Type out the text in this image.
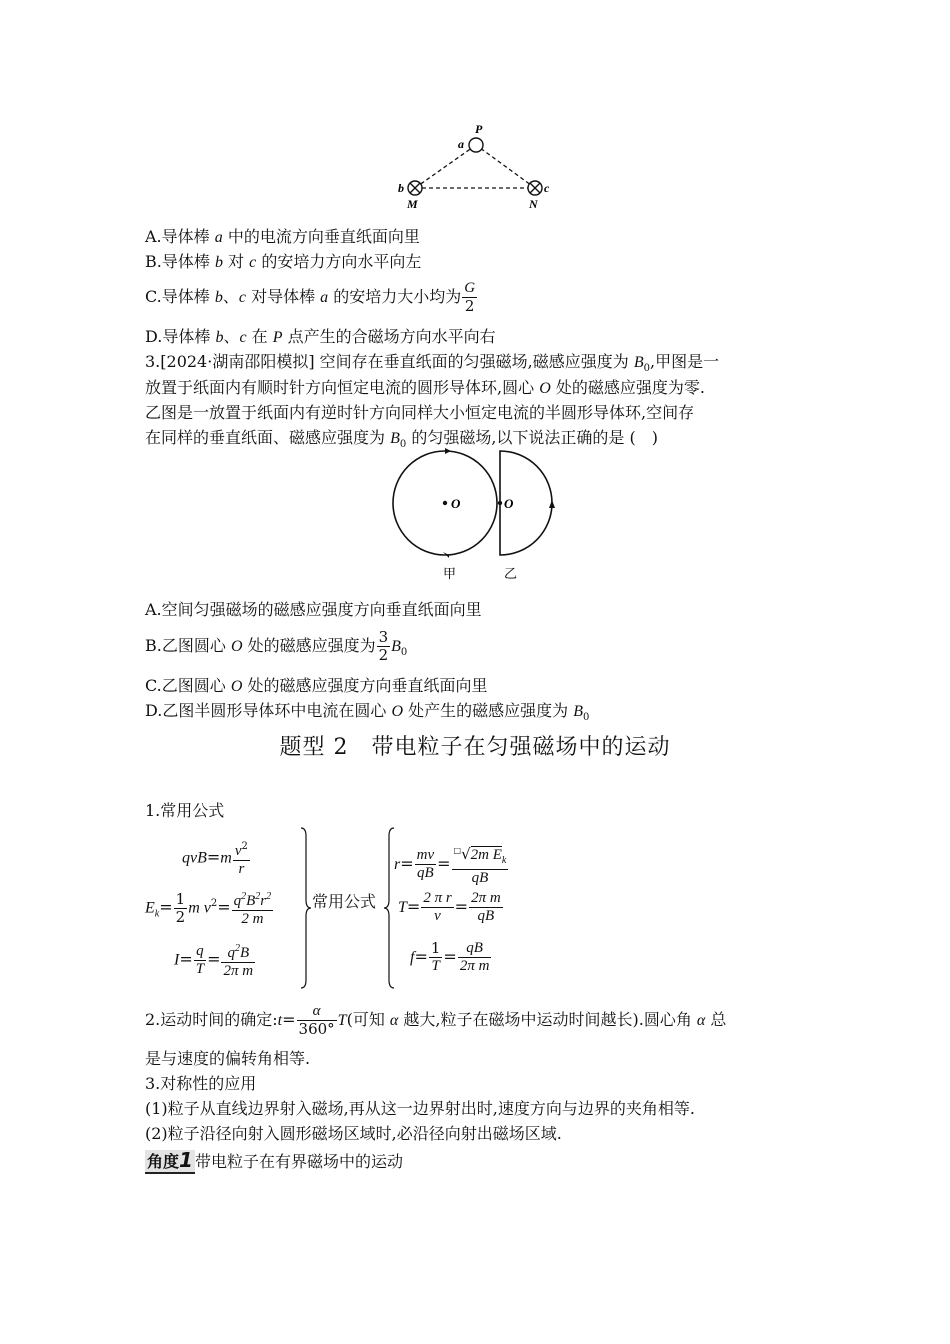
P
a
b	c
M	N
A.导体棒 a 中的电流方向垂直纸面向里
B.导体棒 b 对 c 的安培力方向水平向左
C.导体棒 b、c 对导体棒 a 的安培力大小均为 $\frac{G}{2}$
D.导体棒 b、c 在 P 点产生的合磁场方向水平向右
3.[2024·湖南邵阳模拟] 空间存在垂直纸面的匀强磁场,磁感应强度为 $B_0$,甲图是一
放置于纸面内有顺时针方向恒定电流的圆形导体环,圆心 O 处的磁感应强度为零.
乙图是一放置于纸面内有逆时针方向同样大小恒定电流的半圆形导体环,空间存
在同样的垂直纸面、磁感应强度为 $B_0$ 的匀强磁场,以下说法正确的是 (　)
O	O
甲	乙
A.空间匀强磁场的磁感应强度方向垂直纸面向里
B.乙图圆心 O 处的磁感应强度为 $\frac{3}{2} B_0$
C.乙图圆心 O 处的磁感应强度方向垂直纸面向里
D.乙图半圆形导体环中电流在圆心 O 处产生的磁感应强度为 $B_0$
题型 2　带电粒子在匀强磁场中的运动
1.常用公式
$qvB=m \frac{v^2}{r}$
$E_k= \frac{1}{2}$ m $v^2= \frac{q^2B^2r^2}{2 m}$
$I= \frac{q}{T} = \frac{q^2B}{\text{2π m}}$
常用公式
$r= \frac{mv}{qB} = \frac{^□√2m E_k}{qB}$
$T= \frac{\text{2 π r}}{v} = \frac{\text{2π m}}{qB}$
$f= \frac{1}{T} = \frac{qB}{\text{2π m}}$
2.运动时间的确定:t= $\frac{\alpha}{360^\circ} T$(可知 α 越大,粒子在磁场中运动时间越长).圆心角 α 总
是与速度的偏转角相等.
3.对称性的应用
(1)粒子从直线边界射入磁场,再从这一边界射出时,速度方向与边界的夹角相等.
(2)粒子沿径向射入圆形磁场区域时,必沿径向射出磁场区域.
角度1 带电粒子在有界磁场中的运动
